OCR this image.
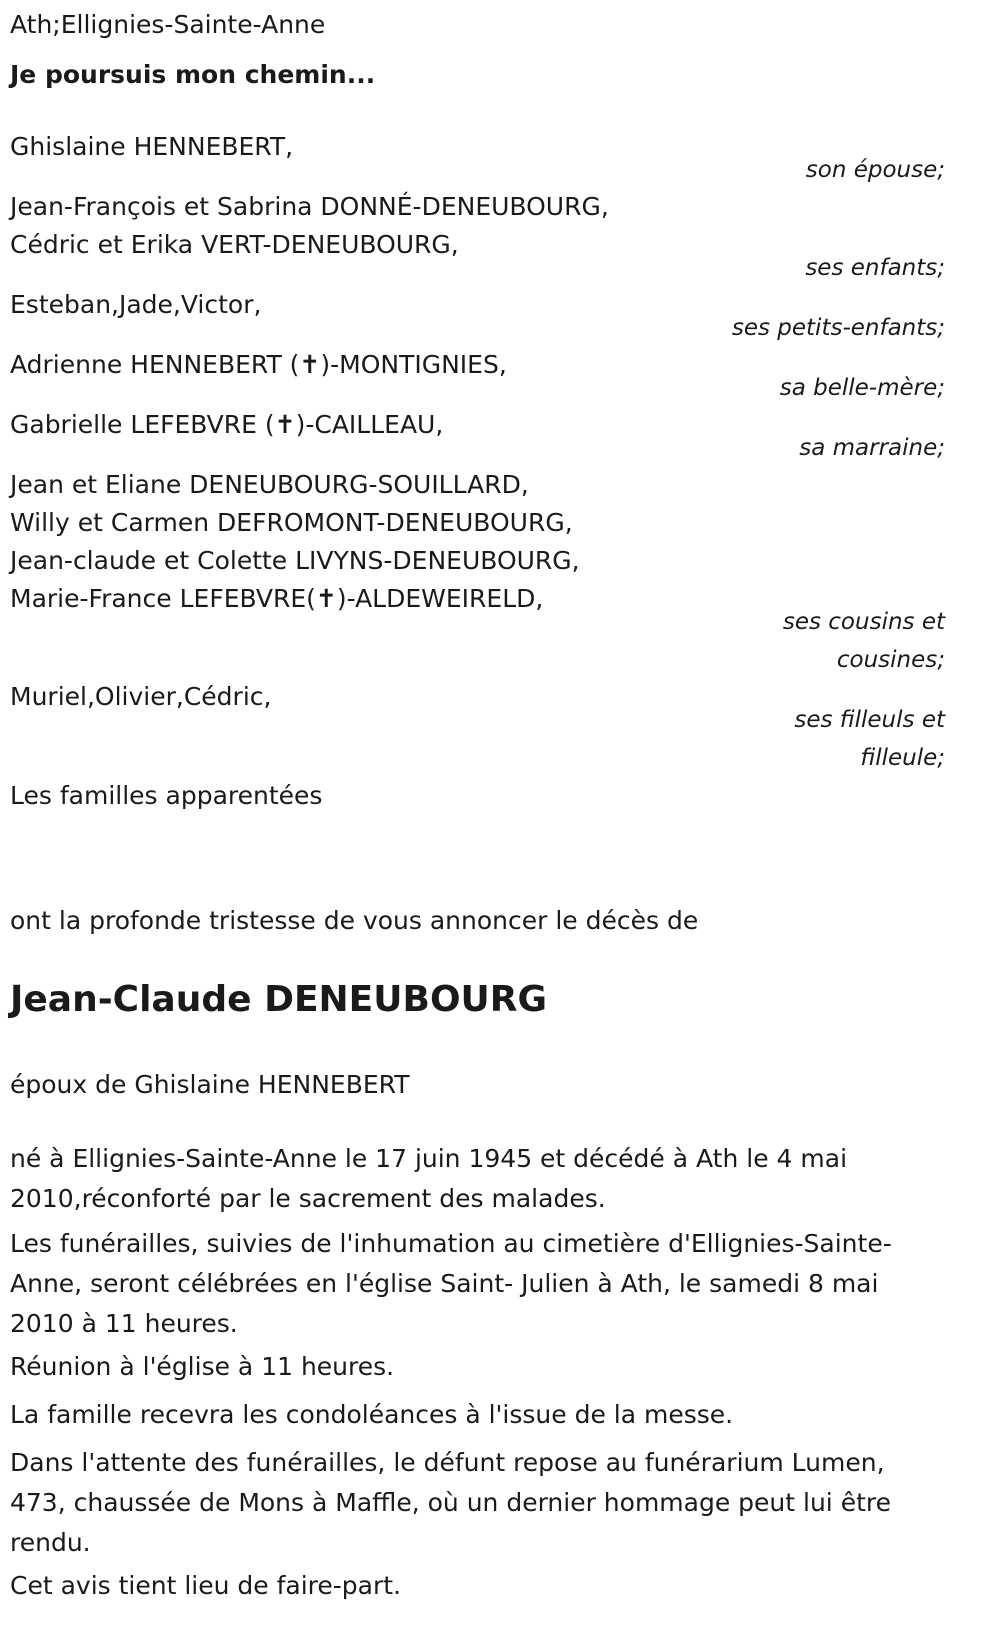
Ath;Ellignies-Sainte-Anne
Je poursuis mon chemin...
Ghislaine HENNEBERT,
son épouse;
Jean-François et Sabrina DONNÉ-DENEUBOURG,
Cédric et Erika VERT-DENEUBOURG,
ses enfants;
Esteban,Jade,Victor,
ses petits-enfants;
Adrienne HENNEBERT (✝)-MONTIGNIES,
sa belle-mère;
Gabrielle LEFEBVRE (✝)-CAILLEAU,
sa marraine;
Jean et Eliane DENEUBOURG-SOUILLARD,
Willy et Carmen DEFROMONT-DENEUBOURG,
Jean-claude et Colette LIVYNS-DENEUBOURG,
Marie-France LEFEBVRE(✝)-ALDEWEIRELD,
ses cousins et
cousines;
Muriel,Olivier,Cédric,
ses filleuls et
filleule;
Les familles apparentées
ont la profonde tristesse de vous annoncer le décès de
Jean-Claude DENEUBOURG
époux de Ghislaine HENNEBERT
né à Ellignies-Sainte-Anne le 17 juin 1945 et décédé à Ath le 4 mai 2010,réconforté par le sacrement des malades.
Les funérailles, suivies de l'inhumation au cimetière d'Ellignies-Sainte-Anne, seront célébrées en l'église Saint- Julien à Ath, le samedi 8 mai 2010 à 11 heures.
Réunion à l'église à 11 heures.
La famille recevra les condoléances à l'issue de la messe.
Dans l'attente des funérailles, le défunt repose au funérarium Lumen, 473, chaussée de Mons à Maffle, où un dernier hommage peut lui être rendu.
Cet avis tient lieu de faire-part.
